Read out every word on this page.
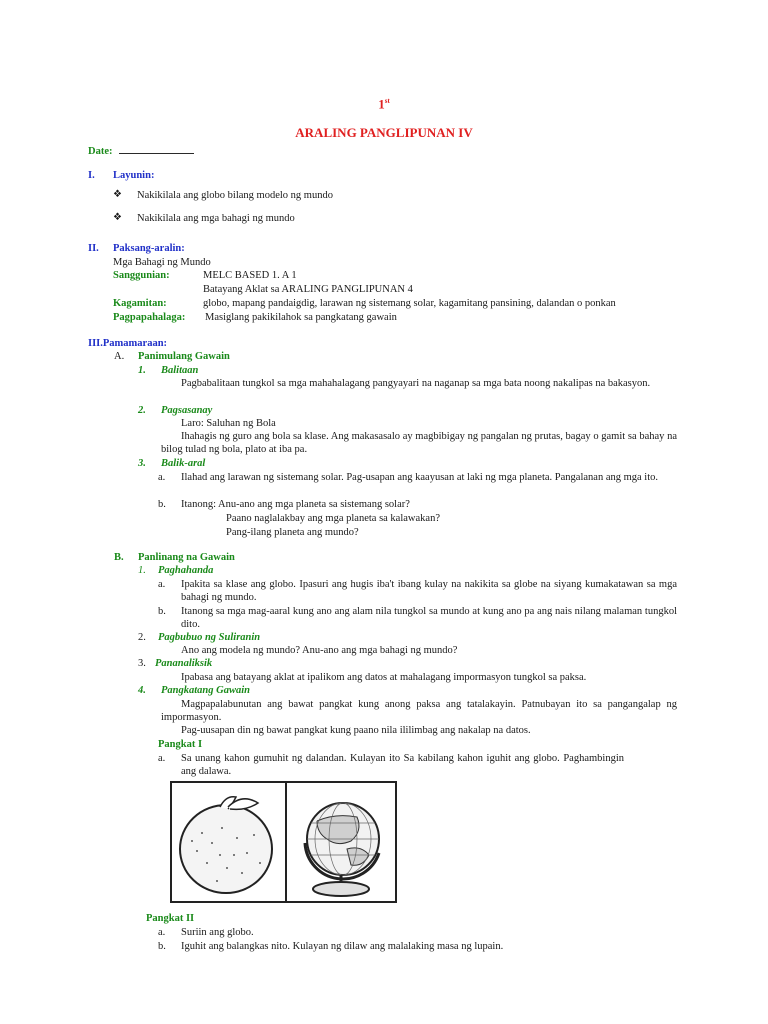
1st
ARALING PANGLIPUNAN IV
Date:
I. Layunin:
❖ Nakikilala ang globo bilang modelo ng mundo
❖ Nakikilala ang mga bahagi ng mundo
II. Paksang-aralin:
Mga Bahagi ng Mundo
Sanggunian:	MELC BASED 1. A 1
Batayang Aklat sa ARALING PANGLIPUNAN 4
Kagamitan:	globo, mapang pandaigdig, larawan ng sistemang solar, kagamitang pansining, dalandan o ponkan
Pagpapahalaga: Masiglang pakikilahok sa pangkatang gawain
III.Pamamaraan:
A. Panimulang Gawain
1. Balitaan
Pagbabalitaan tungkol sa mga mahahalagang pangyayari na naganap sa mga bata noong nakalipas na bakasyon.
2. Pagsasanay
Laro: Saluhan ng Bola
Ihahagis ng guro ang bola sa klase. Ang makasasalo ay magbibigay ng pangalan ng prutas, bagay o gamit sa bahay na bilog tulad ng bola, plato at iba pa.
3. Balik-aral
a. Ilahad ang larawan ng sistemang solar. Pag-usapan ang kaayusan at laki ng mga planeta. Pangalanan ang mga ito.
b. Itanong: Anu-ano ang mga planeta sa sistemang solar?
Paano naglalakbay ang mga planeta sa kalawakan?
Pang-ilang planeta ang mundo?
B. Panlinang na Gawain
1. Paghahanda
a. Ipakita sa klase ang globo. Ipasuri ang hugis iba't ibang kulay na nakikita sa globe na siyang kumakatawan sa mga bahagi ng mundo.
b. Itanong sa mga mag-aaral kung ano ang alam nila tungkol sa mundo at kung ano pa ang nais nilang malaman tungkol dito.
2. Pagbubuo ng Suliranin
Ano ang modela ng mundo? Anu-ano ang mga bahagi ng mundo?
3. Pananaliksik
Ipabasa ang batayang aklat at ipalikom ang datos at mahalagang impormasyon tungkol sa paksa.
4. Pangkatang Gawain
Magpapalabunutan ang bawat pangkat kung anong paksa ang tatalakayin. Patnubayan ito sa pangangalap ng impormasyon.
Pag-uusapan din ng bawat pangkat kung paano nila ililimbag ang nakalap na datos.
Pangkat I
a. Sa unang kahon gumuhit ng dalandan. Kulayan ito Sa kabilang kahon iguhit ang globo. Paghambingin ang dalawa.
Pangkat II
a. Suriin ang globo.
b. Iguhit ang balangkas nito. Kulayan ng dilaw ang malalaking masa ng lupain.
